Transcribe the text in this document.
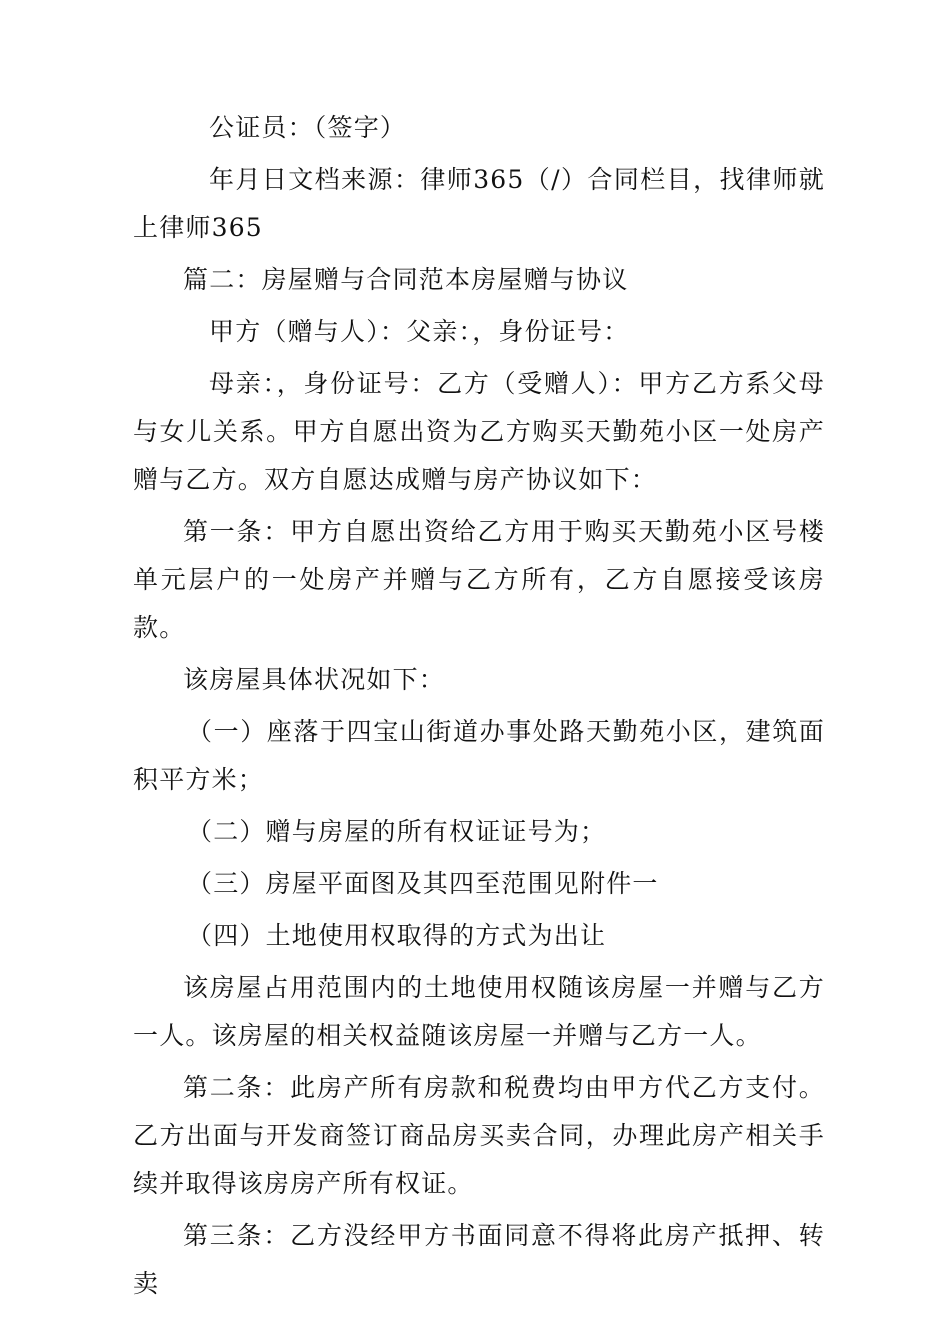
公证员：（签字）

年月日文档来源：律师365（/）合同栏目，找律师就上律师365

篇二：房屋赠与合同范本房屋赠与协议

甲方（赠与人）：父亲：，身份证号：

母亲：，身份证号：乙方（受赠人）：甲方乙方系父母与女儿关系。甲方自愿出资为乙方购买天勤苑小区一处房产赠与乙方。双方自愿达成赠与房产协议如下：

第一条：甲方自愿出资给乙方用于购买天勤苑小区号楼单元层户的一处房产并赠与乙方所有，乙方自愿接受该房款。

该房屋具体状况如下：

（一）座落于四宝山街道办事处路天勤苑小区，建筑面积平方米；

（二）赠与房屋的所有权证证号为；

（三）房屋平面图及其四至范围见附件一

（四）土地使用权取得的方式为出让

该房屋占用范围内的土地使用权随该房屋一并赠与乙方一人。该房屋的相关权益随该房屋一并赠与乙方一人。

第二条：此房产所有房款和税费均由甲方代乙方支付。乙方出面与开发商签订商品房买卖合同，办理此房产相关手续并取得该房房产所有权证。

第三条：乙方没经甲方书面同意不得将此房产抵押、转卖
